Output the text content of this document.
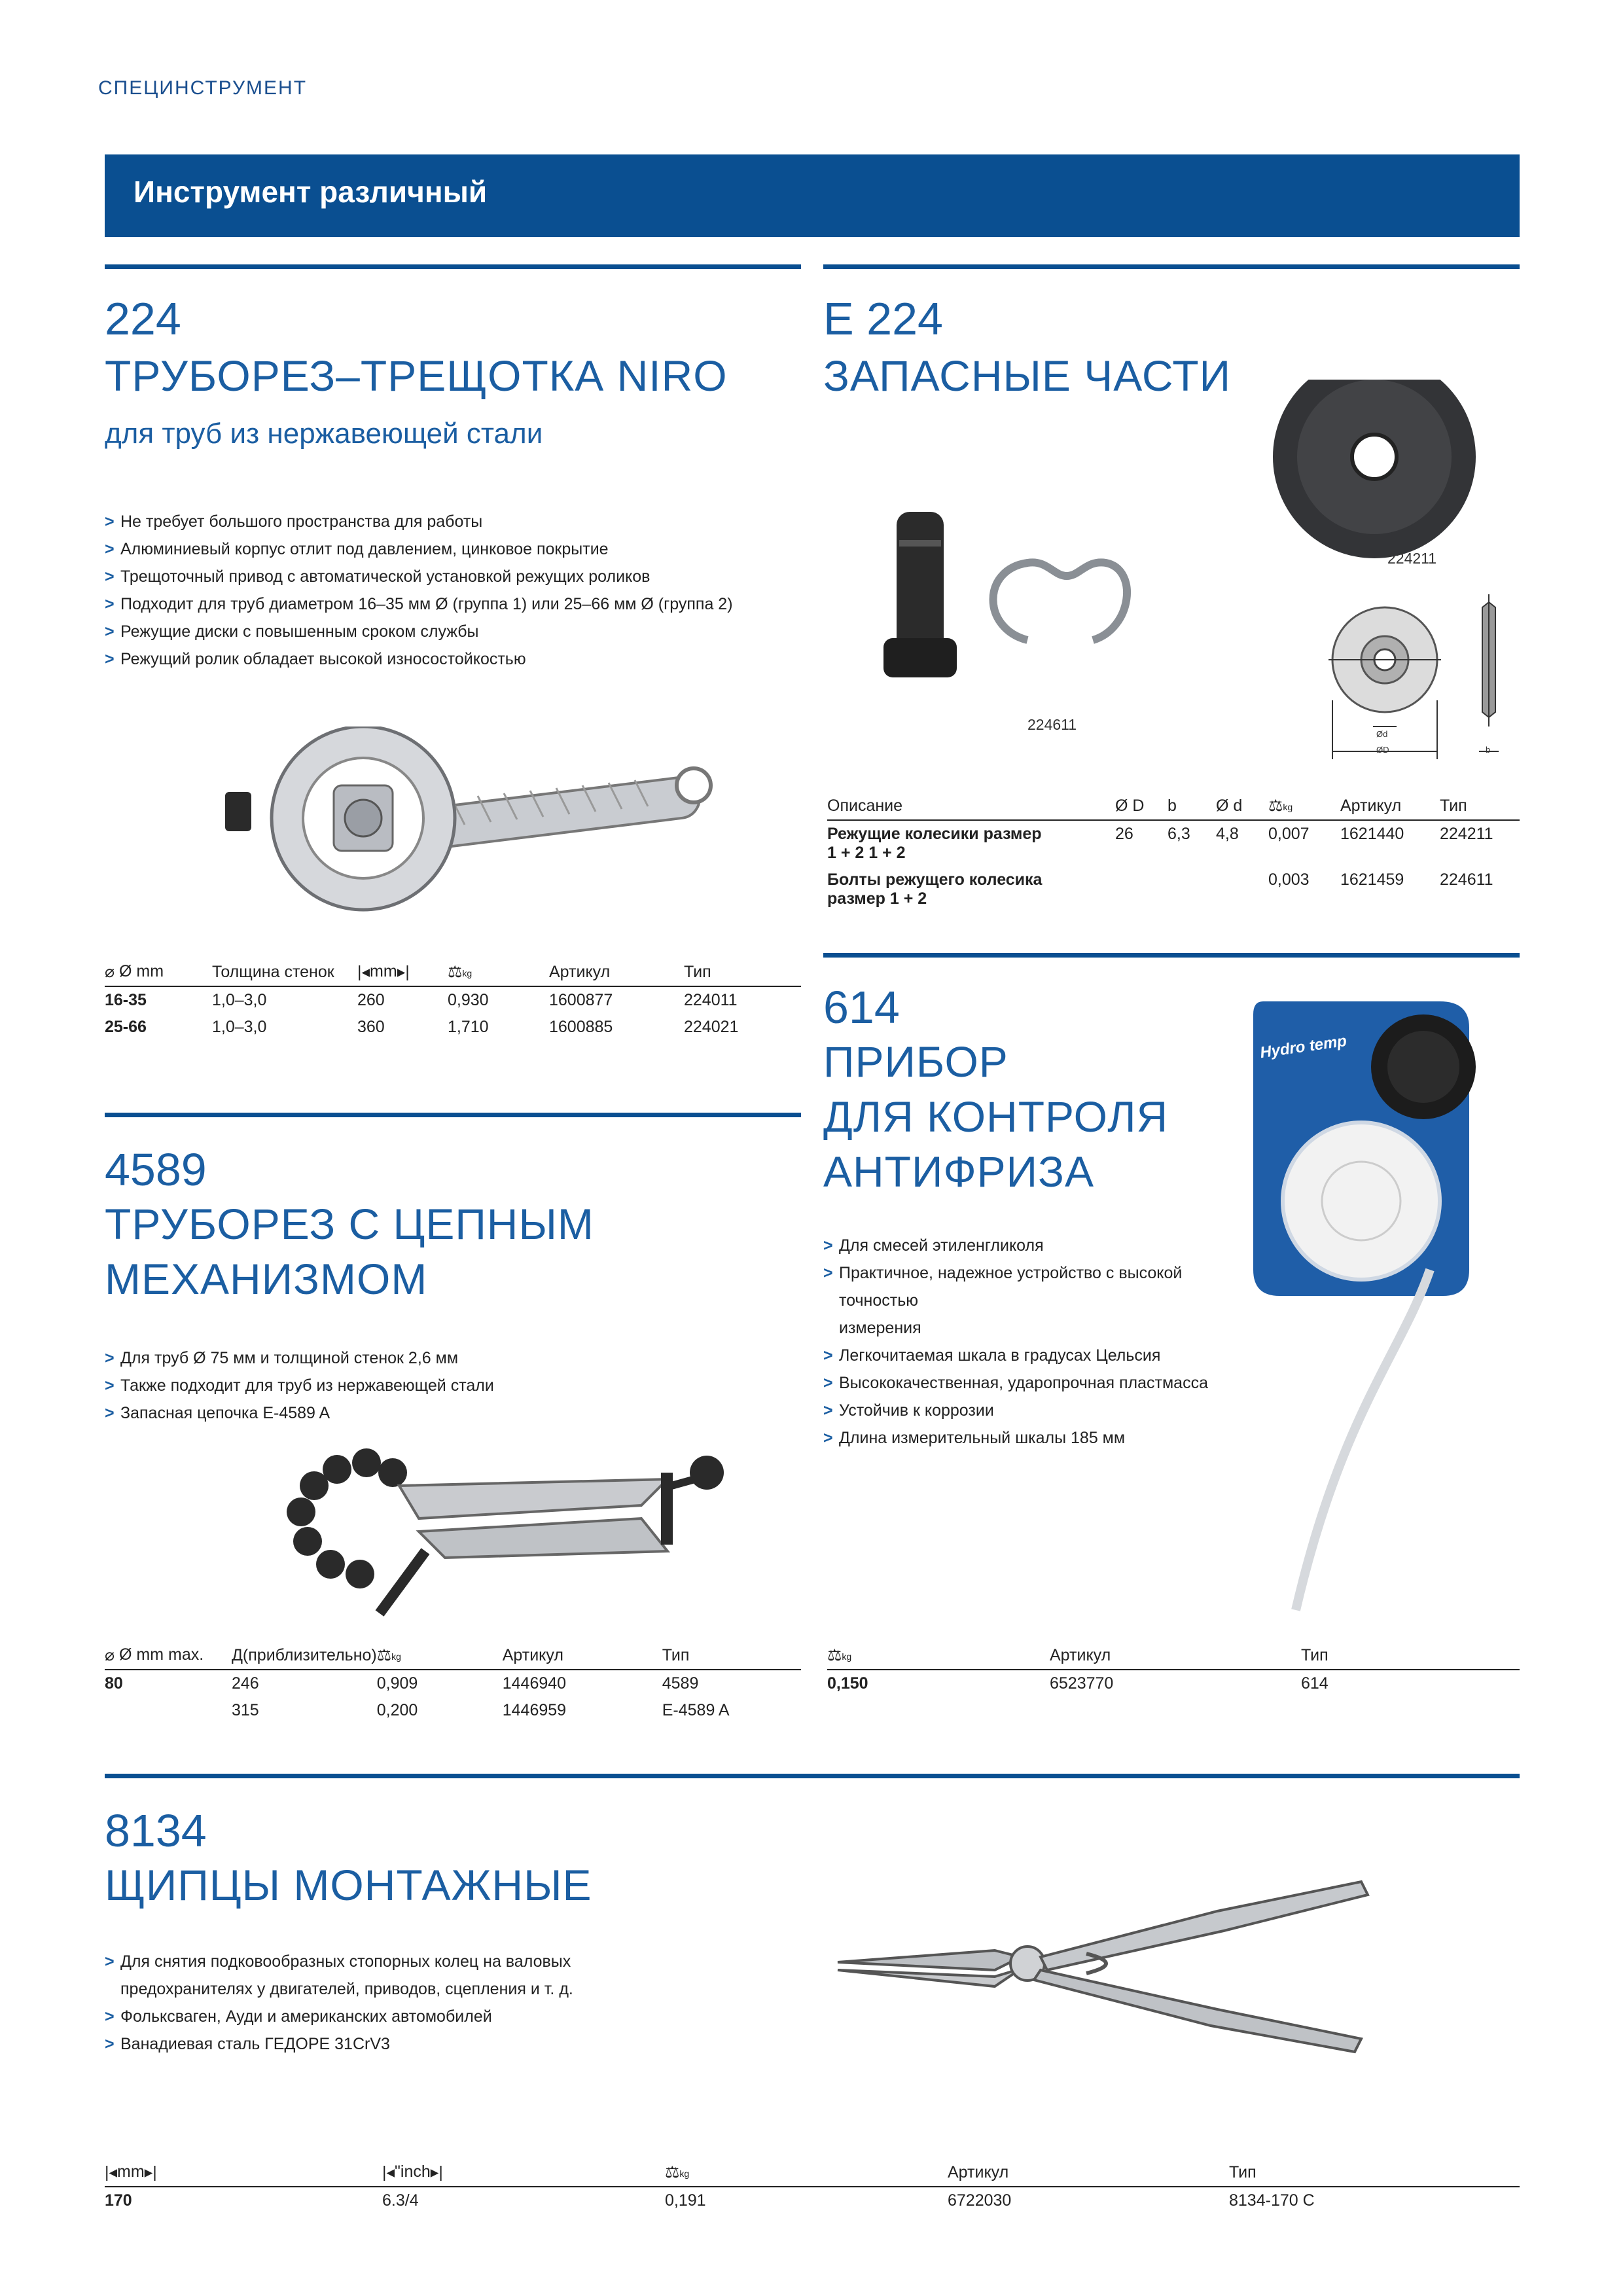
СПЕЦИНСТРУМЕНТ
Инструмент различный
224
ТРУБОРЕЗ–ТРЕЩОТКА NIRO
для труб из нержавеющей стали
> Не требует большого пространства для работы
> Алюминиевый корпус отлит под давлением, цинковое покрытие
> Трещоточный привод с автоматической установкой режущих роликов
> Подходит для труб диаметром 16–35 мм Ø (группа 1) или 25–66 мм Ø (группа 2)
> Режущие диски с повышенным сроком службы
> Режущий ролик обладает высокой износостойкостью
⌀ Ø mm	Толщина стенок	|◂mm▸|	⚖kg	Артикул	Тип
16-35	1,0–3,0	260	0,930	1600877	224011
25-66	1,0–3,0	360	1,710	1600885	224021
E 224
ЗАПАСНЫЕ ЧАСТИ
224211
224611
Ød
ØD	b
Описание	Ø D	b	Ø d	⚖kg	Артикул	Тип

Режущие колесики размер
1 + 2 1 + 2	26	6,3	4,8	0,007	1621440	224211

Болты режущего колесика
размер 1 + 2				0,003	1621459	224611
614
ПРИБОР
ДЛЯ КОНТРОЛЯ
АНТИФРИЗА
Hydro temp
> Для смесей этиленгликоля
> Практичное, надежное устройство с высокой точностью
измерения
> Легкочитаемая шкала в градусах Цельсия
> Высококачественная, ударопрочная пластмасса
> Устойчив к коррозии
> Длина измерительный шкалы 185 мм
⚖kg	Артикул	Тип
0,150	6523770	614
4589
ТРУБОРЕЗ С ЦЕПНЫМ
МЕХАНИЗМОМ
> Для труб Ø 75 мм и толщиной стенок 2,6 мм
> Также подходит для труб из нержавеющей стали
> Запасная цепочка E-4589 A
⌀ Ø mm max.	Д(приблизительно)	⚖kg	Артикул	Тип
80	246	0,909	1446940	4589
	315	0,200	1446959	E-4589 A
8134
ЩИПЦЫ МОНТАЖНЫЕ
> Для снятия подковообразных стопорных колец на валовых
предохранителях у двигателей, приводов, сцепления и т. д.
> Фольксваген, Ауди и американских автомобилей
> Ванадиевая сталь ГЕДОРЕ 31CrV3
|◂mm▸|	|◂"inch▸|	⚖kg	Артикул	Тип
170	6.3/4	0,191	6722030	8134-170 C
